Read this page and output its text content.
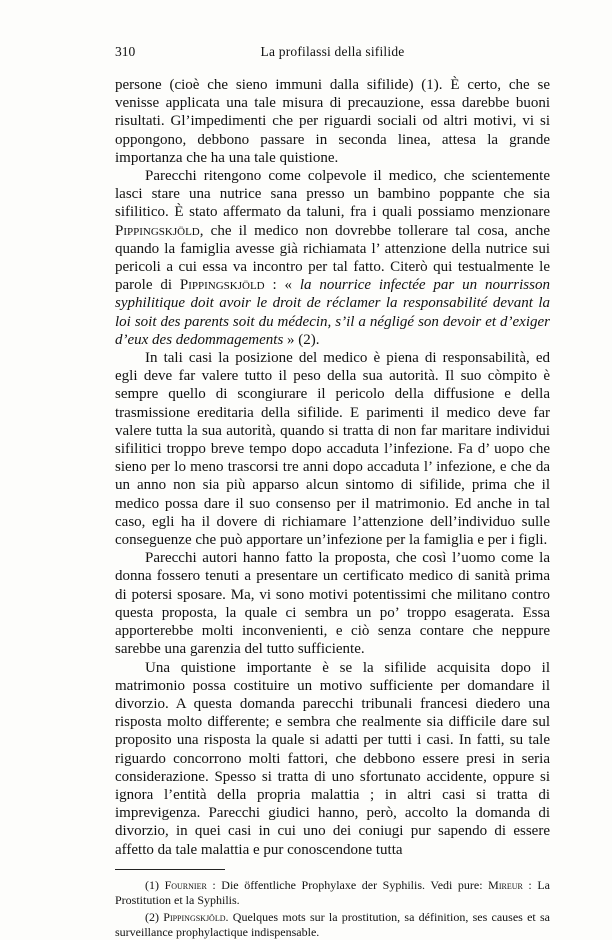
310	La profilassi della sifilide

persone (cioè che sieno immuni dalla sifilide) (1). È certo, che se venisse applicata una tale misura di precauzione, essa darebbe buoni risultati. Gl’impedimenti che per riguardi sociali od altri motivi, vi si oppongono, debbono passare in seconda linea, attesa la grande importanza che ha una tale quistione.

Parecchi ritengono come colpevole il medico, che scientemente lasci stare una nutrice sana presso un bambino poppante che sia sifilitico. È stato affermato da taluni, fra i quali possiamo menzionare Pippingskjöld, che il medico non dovrebbe tollerare tal cosa, anche quando la famiglia avesse già richiamata l’ attenzione della nutrice sui pericoli a cui essa va incontro per tal fatto. Citerò qui testualmente le parole di Pippingskjöld : « la nourrice infectée par un nourrisson syphilitique doit avoir le droit de réclamer la responsabilité devant la loi soit des parents soit du médecin, s’il a négligé son devoir et d’exiger d’eux des dedommagements » (2).

In tali casi la posizione del medico è piena di responsabilità, ed egli deve far valere tutto il peso della sua autorità. Il suo còmpito è sempre quello di scongiurare il pericolo della diffusione e della trasmissione ereditaria della sifilide. E parimenti il medico deve far valere tutta la sua autorità, quando si tratta di non far maritare individui sifilitici troppo breve tempo dopo accaduta l’infezione. Fa d’ uopo che sieno per lo meno trascorsi tre anni dopo accaduta l’ infezione, e che da un anno non sia più apparso alcun sintomo di sifilide, prima che il medico possa dare il suo consenso per il matrimonio. Ed anche in tal caso, egli ha il dovere di richiamare l’attenzione dell’individuo sulle conseguenze che può apportare un’infezione per la famiglia e per i figli.

Parecchi autori hanno fatto la proposta, che così l’uomo come la donna fossero tenuti a presentare un certificato medico di sanità prima di potersi sposare. Ma, vi sono motivi potentissimi che militano contro questa proposta, la quale ci sembra un po’ troppo esagerata. Essa apporterebbe molti inconvenienti, e ciò senza contare che neppure sarebbe una garenzia del tutto sufficiente.

Una quistione importante è se la sifilide acquisita dopo il matrimonio possa costituire un motivo sufficiente per domandare il divorzio. A questa domanda parecchi tribunali francesi diedero una risposta molto differente; e sembra che realmente sia difficile dare sul proposito una risposta la quale si adatti per tutti i casi. In fatti, su tale riguardo concorrono molti fattori, che debbono essere presi in seria considerazione. Spesso si tratta di uno sfortunato accidente, oppure si ignora l’entità della propria malattia ; in altri casi si tratta di imprevigenza. Parecchi giudici hanno, però, accolto la domanda di divorzio, in quei casi in cui uno dei coniugi pur sapendo di essere affetto da tale malattia e pur conoscendone tutta

(1) Fournier : Die öffentliche Prophylaxe der Syphilis. Vedi pure: Mireur : La Prostitution et la Syphilis.

(2) Pippingskjöld. Quelques mots sur la prostitution, sa définition, ses causes et sa surveillance prophylactique indispensable.
